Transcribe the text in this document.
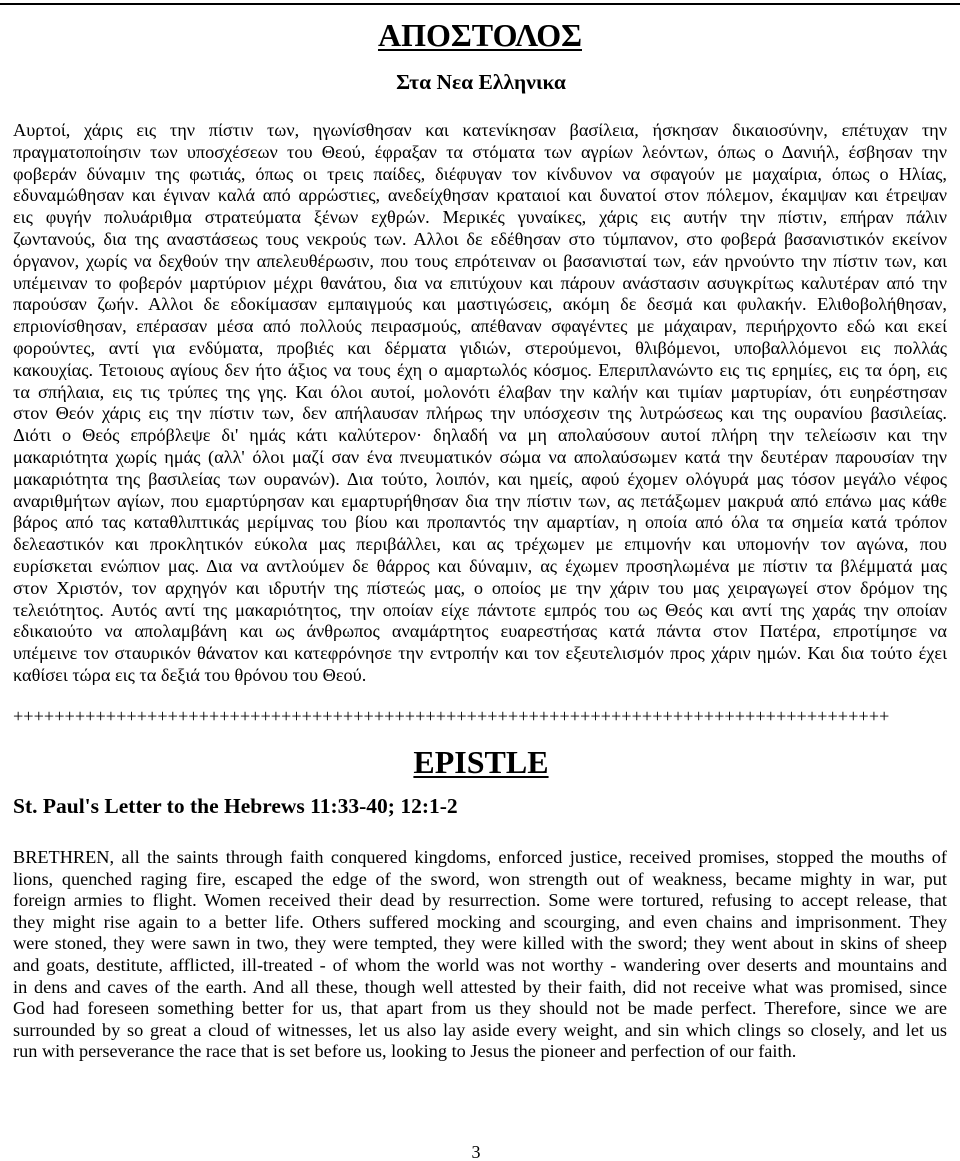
ΑΠΟΣΤΟΛΟΣ
Στα Νεα Ελληνικα
Αυρτοί, χάρις εις την πίστιν των, ηγωνίσθησαν και κατενίκησαν βασίλεια, ήσκησαν δικαιοσύνην, επέτυχαν την
πραγματοποίησιν των υποσχέσεων του Θεού, έφραξαν τα στόματα των αγρίων λεόντων, όπως ο Δανιήλ, έσβησαν την
φοβεράν δύναμιν της φωτιάς, όπως οι τρεις παίδες, διέφυγαν τον κίνδυνον να σφαγούν με μαχαίρια, όπως ο Ηλίας,
εδυναμώθησαν και έγιναν καλά από αρρώστιες, ανεδείχθησαν κραταιοί και δυνατοί στον πόλεμον, έκαμψαν και έτρεψαν
εις φυγήν πολυάριθμα στρατεύματα ξένων εχθρών. Μερικές γυναίκες, χάρις εις αυτήν την πίστιν, επήραν πάλιν
ζωντανούς, δια της αναστάσεως τους νεκρούς των. Αλλοι δε εδέθησαν στο τύμπανον, στο φοβερά βασανιστικόν εκείνον
όργανον, χωρίς να δεχθούν την απελευθέρωσιν, που τους επρότειναν οι βασανισταί των, εάν ηρνούντο την πίστιν των, και
υπέμειναν το φοβερόν μαρτύριον μέχρι θανάτου, δια να επιτύχουν και πάρουν ανάστασιν ασυγκρίτως καλυτέραν από την
παρούσαν ζωήν. Αλλοι δε εδοκίμασαν εμπαιγμούς και μαστιγώσεις, ακόμη δε δεσμά και φυλακήν. Ελιθοβολήθησαν,
επριονίσθησαν, επέρασαν μέσα από πολλούς πειρασμούς, απέθαναν σφαγέντες με μάχαιραν, περιήρχοντο εδώ και εκεί
φορούντες, αντί για ενδύματα, προβιές και δέρματα γιδιών, στερούμενοι, θλιβόμενοι, υποβαλλόμενοι εις πολλάς
κακουχίας. Τετοιους αγίους δεν ήτο άξιος να τους έχη ο αμαρτωλός κόσμος. Επεριπλανώντο εις τις ερημίες, εις τα όρη, εις
τα σπήλαια, εις τις τρύπες της γης. Και όλοι αυτοί, μολονότι έλαβαν την καλήν και τιμίαν μαρτυρίαν, ότι ευηρέστησαν
στον Θεόν χάρις εις την πίστιν των, δεν απήλαυσαν πλήρως την υπόσχεσιν της λυτρώσεως και της ουρανίου βασιλείας.
Διότι ο Θεός επρόβλεψε δι' ημάς κάτι καλύτερον· δηλαδή να μη απολαύσουν αυτοί πλήρη την τελείωσιν και την
μακαριότητα χωρίς ημάς (αλλ' όλοι μαζί σαν ένα πνευματικόν σώμα να απολαύσωμεν κατά την δευτέραν παρουσίαν την
μακαριότητα της βασιλείας των ουρανών). Δια τούτο, λοιπόν, και ημείς, αφού έχομεν ολόγυρά μας τόσον μεγάλο νέφος
αναριθμήτων αγίων, που εμαρτύρησαν και εμαρτυρήθησαν δια την πίστιν των, ας πετάξωμεν μακρυά από επάνω μας κάθε
βάρος από τας καταθλιπτικάς μερίμνας του βίου και προπαντός την αμαρτίαν, η οποία από όλα τα σημεία κατά τρόπον
δελεαστικόν και προκλητικόν εύκολα μας περιβάλλει, και ας τρέχωμεν με επιμονήν και υπομονήν τον αγώνα, που
ευρίσκεται ενώπιον μας. Δια να αντλούμεν δε θάρρος και δύναμιν, ας έχωμεν προσηλωμένα με πίστιν τα βλέμματά μας
στον Χριστόν, τον αρχηγόν και ιδρυτήν της πίστεώς μας, ο οποίος με την χάριν του μας χειραγωγεί στον δρόμον της
τελειότητος. Αυτός αντί της μακαριότητος, την οποίαν είχε πάντοτε εμπρός του ως Θεός και αντί της χαράς την οποίαν
εδικαιούτο να απολαμβάνη και ως άνθρωπος αναμάρτητος ευαρεστήσας κατά πάντα στον Πατέρα, επροτίμησε να
υπέμεινε τον σταυρικόν θάνατον και κατεφρόνησε την εντροπήν και τον εξευτελισμόν προς χάριν ημών. Και δια τούτο έχει
καθίσει τώρα εις τα δεξιά του θρόνου του Θεού.
+++++++++++++++++++++++++++++++++++++++++++++++++++++++++++++++++++++++++++++++++++++
EPISTLE
St. Paul's Letter to the Hebrews 11:33-40; 12:1-2
BRETHREN, all the saints through faith conquered kingdoms, enforced justice, received promises, stopped the mouths of
lions, quenched raging fire, escaped the edge of the sword, won strength out of weakness, became mighty in war, put
foreign armies to flight. Women received their dead by resurrection. Some were tortured, refusing to accept release, that
they might rise again to a better life. Others suffered mocking and scourging, and even chains and imprisonment. They
were stoned, they were sawn in two, they were tempted, they were killed with the sword; they went about in skins of sheep
and goats, destitute, afflicted, ill-treated - of whom the world was not worthy - wandering over deserts and mountains and
in dens and caves of the earth. And all these, though well attested by their faith, did not receive what was promised, since
God had foreseen something better for us, that apart from us they should not be made perfect. Therefore, since we are
surrounded by so great a cloud of witnesses, let us also lay aside every weight, and sin which clings so closely, and let us
run with perseverance the race that is set before us, looking to Jesus the pioneer and perfection of our faith.
3
